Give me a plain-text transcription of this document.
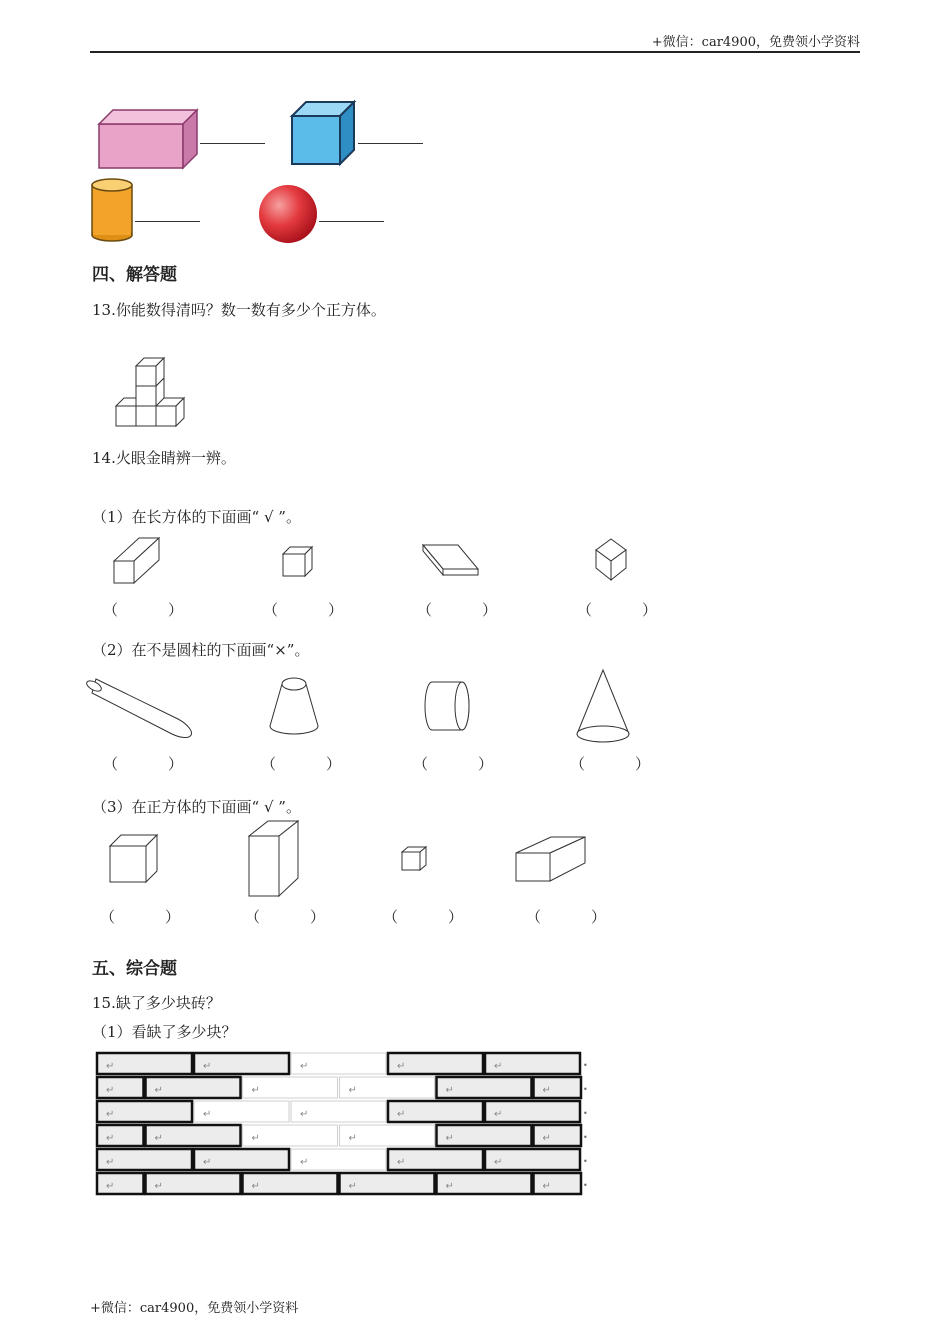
+微信：car4900，免费领小学资料
四、解答题
13.你能数得清吗？数一数有多少个正方体。
14.火眼金睛辨一辨。
（1）在长方体的下面画“ √ ”。
（	）	（	）	（	）	（	）
（2）在不是圆柱的下面画“×”。
（	）	（	）	（	）	（	）
（3）在正方体的下面画“ √ ”。
（	）	（	）	（	）	（	）
五、综合题
15.缺了多少块砖？
（1）看缺了多少块？
↵	↵	↵	↵	↵	•
↵	↵	↵	↵	↵	↵	•
↵	↵	↵	↵	↵	•
↵	↵	↵	↵	↵	↵	•
↵	↵	↵	↵	↵	•
↵	↵	↵	↵	↵	↵	•
+微信：car4900，免费领小学资料
